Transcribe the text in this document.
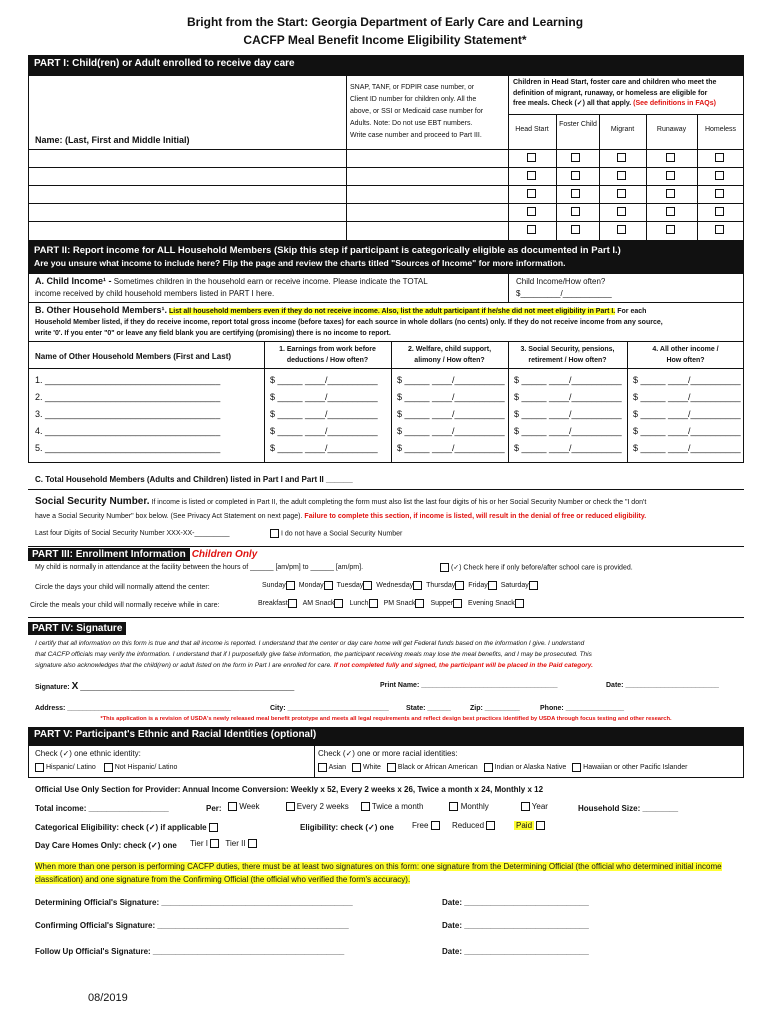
Bright from the Start: Georgia Department of Early Care and Learning
CACFP Meal Benefit Income Eligibility Statement*
PART I: Child(ren) or Adult enrolled to receive day care
Name: (Last, First and Middle Initial)
SNAP, TANF, or FDPIR case number, or
Client ID number for children only. All the
above, or SSI or Medicaid case number for
Adults. Note: Do not use EBT numbers.
Write case number and proceed to Part III.
Children in Head Start, foster care and children who meet the
definition of migrant, runaway, or homeless are eligible for
free meals. Check (✓) all that apply. (See definitions in FAQs)
Head Start
Foster Child
Migrant	Runaway	Homeless
PART II: Report income for ALL Household Members (Skip this step if participant is categorically eligible as documented in Part I.)
Are you unsure what income to include here? Flip the page and review the charts titled "Sources of Income" for more information.
A. Child Income¹ - Sometimes children in the household earn or receive income. Please indicate the TOTAL
income received by child household members listed in PART I here.
Child Income/How often?
$_________/___________
B. Other Household Members¹. List all household members even if they do not receive income. Also, list the adult participant if he/she did not meet eligibility in Part I. For each
Household Member listed, if they do receive income, report total gross income (before taxes) for each source in whole dollars (no cents) only. If they do not receive income from any source,
write '0'. If you enter "0" or leave any field blank you are certifying (promising) there is no income to report.
Name of Other Household Members (First and Last)
1. Earnings from work before
deductions / How often?
2. Welfare, child support,
alimony / How often?
3. Social Security, pensions,
retirement / How often?
4. All other income /
How often?
1. ___________________________________	$ _____ ____/__________ $ _____ ____/__________ $ _____ ____/__________ $ _____ ____/__________
2. ___________________________________	$ _____ ____/__________ $ _____ ____/__________ $ _____ ____/__________ $ _____ ____/__________
3. ___________________________________	$ _____ ____/__________ $ _____ ____/__________ $ _____ ____/__________ $ _____ ____/__________
4. ___________________________________	$ _____ ____/__________ $ _____ ____/__________ $ _____ ____/__________ $ _____ ____/__________
5. ___________________________________	$ _____ ____/__________ $ _____ ____/__________ $ _____ ____/__________ $ _____ ____/__________
C. Total Household Members (Adults and Children) listed in Part I and Part II ______
Social Security Number. If income is listed or completed in Part II, the adult completing the form must also list the last four digits of his or her Social Security Number or check the "I don't
have a Social Security Number" box below. (See Privacy Act Statement on next page). Failure to complete this section, if income is listed, will result in the denial of free or reduced eligibility.
Last four Digits of Social Security Number XXX-XX-_________	I do not have a Social Security Number
PART III: Enrollment Information Children Only
My child is normally in attendance at the facility between the hours of ______ [am/pm] to ______ [am/pm].	(✓) Check here if only before/after school care is provided.
Circle the days your child will normally attend the center:	Sunday Monday Tuesday Wednesday Thursday Friday Saturday
Circle the meals your child will normally receive while in care:	Breakfast AM Snack Lunch PM Snack Supper Evening Snack
PART IV: Signature
I certify that all information on this form is true and that all income is reported. I understand that the center or day care home will get Federal funds based on the information I give. I understand
that CACFP officials may verify the information. I understand that if I purposefully give false information, the participant receiving meals may lose the meal benefits, and I may be prosecuted. This
signature also acknowledges that the child(ren) or adult listed on the form in Part I are enrolled for care. If not completed fully and signed, the participant will be placed in the Paid category.
Signature: X _______________________________________________________	Print Name: ___________________________________	Date: ________________________
Address: __________________________________________	City: __________________________ State: ______	Zip: _________	Phone: _______________
*This application is a revision of USDA's newly released meal benefit prototype and meets all legal requirements and reflect design best practices identified by USDA through focus testing and other research.
PART V: Participant's Ethnic and Racial Identities (optional)
Check (✓) one ethnic identity:	Check (✓) one or more racial identities:
Hispanic/ Latino	Not Hispanic/ Latino	Asian White Black or African American Indian or Alaska Native Hawaiian or other Pacific Islander
Official Use Only Section for Provider: Annual Income Conversion: Weekly x 52, Every 2 weeks x 26, Twice a month x 24, Monthly x 12
Total income: __________________	Per:	Week	Every 2 weeks	Twice a month	Monthly	Year	Household Size: ________
Categorical Eligibility: check (✓) if applicable	Eligibility: check (✓) one Free	Reduced	Paid
Day Care Homes Only: check (✓) one Tier I Tier II
When more than one person is performing CACFP duties, there must be at least two signatures on this form: one signature from the Determining Official (the official who determined initial income classification) and one signature from the Confirming Official (the official who verified the form's accuracy).
Determining Official's Signature: ___________________________________________	Date: ____________________________
Confirming Official's Signature: ___________________________________________	Date: ____________________________
Follow Up Official's Signature: ___________________________________________	Date: ____________________________
08/2019
